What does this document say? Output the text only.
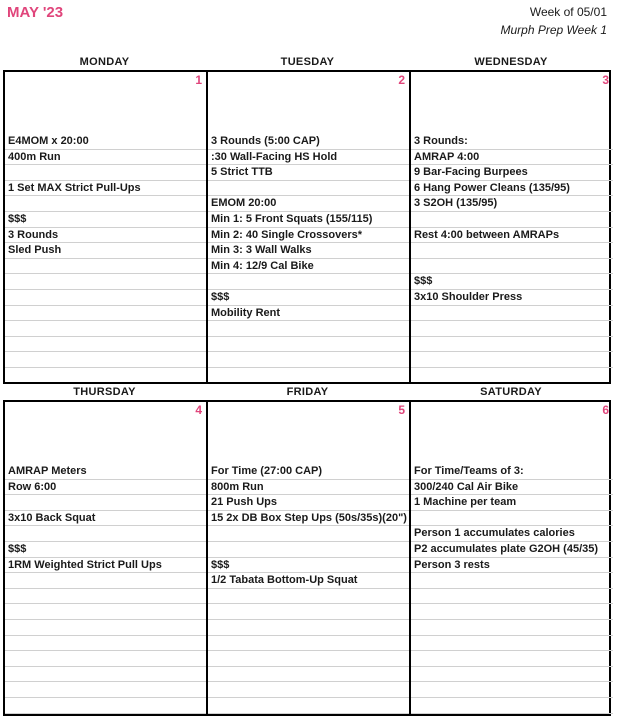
MAY '23	Week of 05/01
Murph Prep Week 1
MONDAY	TUESDAY	WEDNESDAY
1
E4MOM x 20:00
400m Run
1 Set MAX Strict Pull-Ups
$$$
3 Rounds
Sled Push
2
3 Rounds (5:00 CAP)
:30 Wall-Facing HS Hold
5 Strict TTB
EMOM 20:00
Min 1: 5 Front Squats (155/115)
Min 2: 40 Single Crossovers*
Min 3: 3 Wall Walks
Min 4: 12/9 Cal Bike
$$$
Mobility Rent
3
3 Rounds:
AMRAP 4:00
9 Bar-Facing Burpees
6 Hang Power Cleans (135/95)
3 S2OH (135/95)
Rest 4:00 between AMRAPs
$$$
3x10 Shoulder Press
THURSDAY	FRIDAY	SATURDAY
4
AMRAP Meters
Row 6:00
3x10 Back Squat
$$$
1RM Weighted Strict Pull Ups
5
For Time (27:00 CAP)
800m Run
21 Push Ups
15 2x DB Box Step Ups (50s/35s)(20")
$$$
1/2 Tabata Bottom-Up Squat
6
For Time/Teams of 3:
300/240 Cal Air Bike
1 Machine per team
Person 1 accumulates calories
P2 accumulates plate G2OH (45/35)
Person 3 rests
